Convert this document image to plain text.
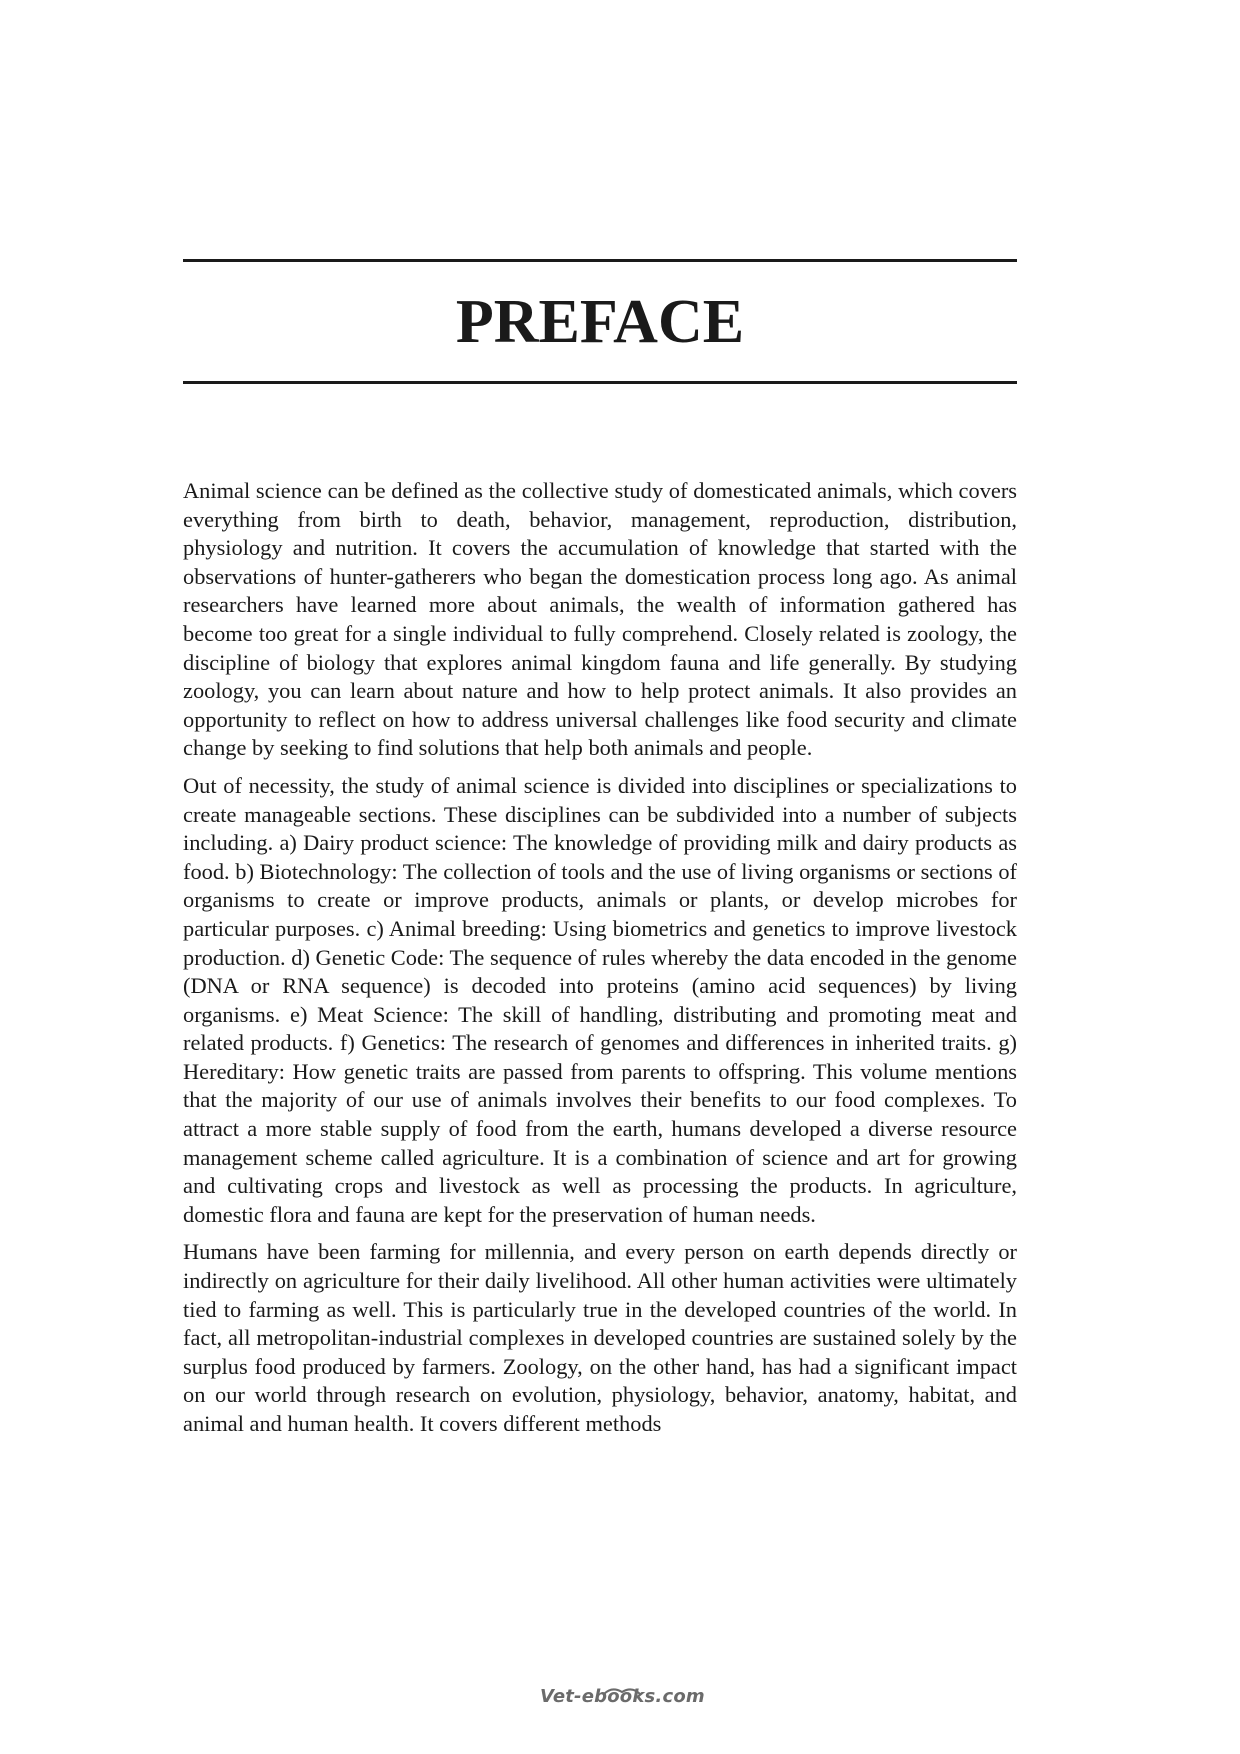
PREFACE

Animal science can be defined as the collective study of domesticated animals, which covers everything from birth to death, behavior, management, reproduction, distribution, physiology and nutrition. It covers the accumulation of knowledge that started with the observations of hunter-gatherers who began the domestication process long ago. As animal researchers have learned more about animals, the wealth of information gathered has become too great for a single individual to fully comprehend. Closely related is zoology, the discipline of biology that explores animal kingdom fauna and life generally. By studying zoology, you can learn about nature and how to help protect animals. It also provides an opportunity to reflect on how to address universal challenges like food security and climate change by seeking to find solutions that help both animals and people.

Out of necessity, the study of animal science is divided into disciplines or specializations to create manageable sections. These disciplines can be subdivided into a number of subjects including. a) Dairy product science: The knowledge of providing milk and dairy products as food. b) Biotechnology: The collection of tools and the use of living organisms or sections of organisms to create or improve products, animals or plants, or develop microbes for particular purposes. c) Animal breeding: Using biometrics and genetics to improve livestock production. d) Genetic Code: The sequence of rules whereby the data encoded in the genome (DNA or RNA sequence) is decoded into proteins (amino acid sequences) by living organisms. e) Meat Science: The skill of handling, distributing and promoting meat and related products. f) Genetics: The research of genomes and differences in inherited traits. g) Hereditary: How genetic traits are passed from parents to offspring. This volume mentions that the majority of our use of animals involves their benefits to our food complexes. To attract a more stable supply of food from the earth, humans developed a diverse resource management scheme called agriculture. It is a combination of science and art for growing and cultivating crops and livestock as well as processing the products. In agriculture, domestic flora and fauna are kept for the preservation of human needs.

Humans have been farming for millennia, and every person on earth depends directly or indirectly on agriculture for their daily livelihood. All other human activities were ultimately tied to farming as well. This is particularly true in the developed countries of the world. In fact, all metropolitan-industrial complexes in developed countries are sustained solely by the surplus food produced by farmers. Zoology, on the other hand, has had a significant impact on our world through research on evolution, physiology, behavior, anatomy, habitat, and animal and human health. It covers different methods

Vet-ebooks.com
